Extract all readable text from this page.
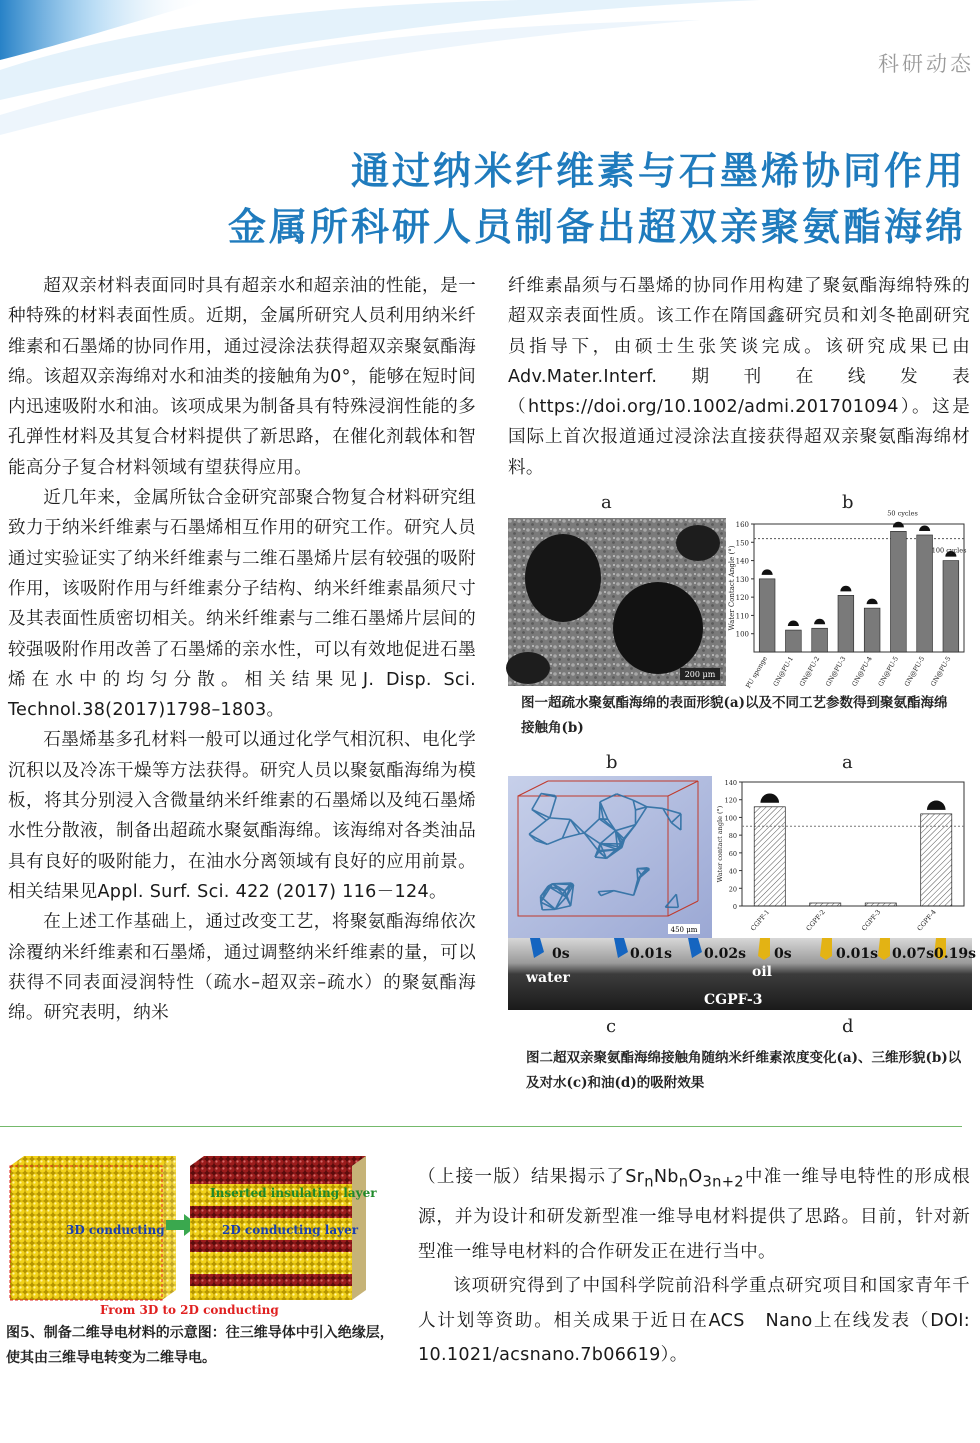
科研动态
通过纳米纤维素与石墨烯协同作用
金属所科研人员制备出超双亲聚氨酯海绵

超双亲材料表面同时具有超亲水和超亲油的性能，是一种特殊的材料表面性质。近期，金属所研究人员利用纳米纤维素和石墨烯的协同作用，通过浸涂法获得超双亲聚氨酯海绵。该超双亲海绵对水和油类的接触角为0°，能够在短时间内迅速吸附水和油。该项成果为制备具有特殊浸润性能的多孔弹性材料及其复合材料提供了新思路，在催化剂载体和智能高分子复合材料领域有望获得应用。

近几年来，金属所钛合金研究部聚合物复合材料研究组致力于纳米纤维素与石墨烯相互作用的研究工作。研究人员通过实验证实了纳米纤维素与二维石墨烯片层有较强的吸附作用，该吸附作用与纤维素分子结构、纳米纤维素晶须尺寸及其表面性质密切相关。纳米纤维素与二维石墨烯片层间的较强吸附作用改善了石墨烯的亲水性，可以有效地促进石墨烯在水中的均匀分散。相关结果见J. Disp. Sci. Technol.38(2017)1798–1803。

石墨烯基多孔材料一般可以通过化学气相沉积、电化学沉积以及冷冻干燥等方法获得。研究人员以聚氨酯海绵为模板，将其分别浸入含微量纳米纤维素的石墨烯以及纯石墨烯水性分散液，制备出超疏水聚氨酯海绵。该海绵对各类油品具有良好的吸附能力，在油水分离领域有良好的应用前景。相关结果见Appl. Surf. Sci. 422 (2017) 116－124。

在上述工作基础上，通过改变工艺，将聚氨酯海绵依次涂覆纳米纤维素和石墨烯，通过调整纳米纤维素的量，可以获得不同表面浸润特性（疏水–超双亲–疏水）的聚氨酯海绵。研究表明，纳米

纤维素晶须与石墨烯的协同作用构建了聚氨酯海绵特殊的超双亲表面性质。该工作在隋国鑫研究员和刘冬艳副研究员指导下，由硕士生张笑谈完成。该研究成果已由Adv.Mater.Interf.期刊在线发表（https://doi.org/10.1002/admi.201701094）。这是国际上首次报道通过浸涂法直接获得超双亲聚氨酯海绵材料。

a	b
200 μm
100
110
120
130
140
150
160
Water Contact Angle (°)
PU sponge GN@PU-1 GN@PU-2 GN@PU-3 GN@PU-4 GN@PU-5 GN@PU-5 GN@PU-5
50 cycles
100 cycles
图一超疏水聚氨酯海绵的表面形貌(a)以及不同工艺参数得到聚氨酯海绵接触角(b)
b	a
450 μm
0
20
40
60
80
100
120
140
Water contact angle (°)
CGPF-1	CGPF-2	CGPF-3	CGPF-4
0s	0.01s 0.02s 0s	0.01s 0.07s 0.19s
water	oil
CGPF-3
c	d
图二超双亲聚氨酯海绵接触角随纳米纤维素浓度变化(a)、三维形貌(b)以及对水(c)和油(d)的吸附效果
3D conducting
Inserted insulating layer
2D conducting layer
From 3D to 2D conducting
图5、制备二维导电材料的示意图：往三维导体中引入绝缘层，使其由三维导电转变为二维导电。

（上接一版）结果揭示了$Sr_nNb_nO_{3n+2}$中准一维导电特性的形成根源，并为设计和研发新型准一维导电材料提供了思路。目前，针对新型准一维导电材料的合作研发正在进行当中。

该项研究得到了中国科学院前沿科学重点研究项目和国家青年千人计划等资助。相关成果于近日在ACS　Nano上在线发表（DOI: 10.1021/acsnano.7b06619）。
